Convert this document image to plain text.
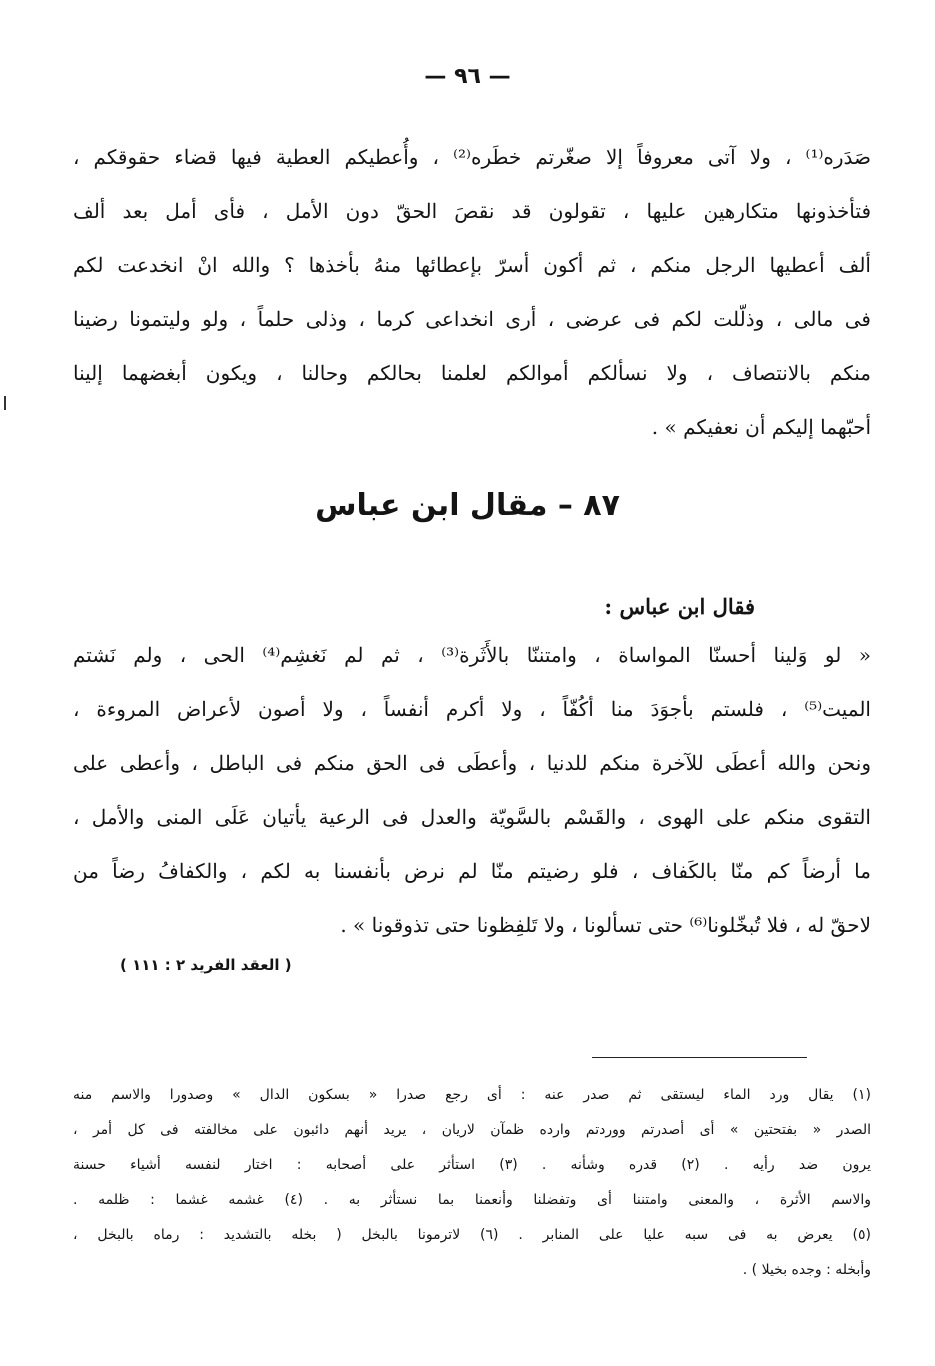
— ٩٦ —
صَدَره⁽¹⁾ ، ولا آتى معروفاً إلا صغّرتم خطَره⁽²⁾ ، وأُعطيكم العطية فيها قضاء حقوقكم ،
فتأخذونها متكارهين عليها ، تقولون قد نقصَ الحقّ دون الأمل ، فأى أمل بعد ألف
ألف أعطيها الرجل منكم ، ثم أكون أسرّ بإعطائها منهُ بأخذها ؟ والله انْ انخدعت لكم
فى مالى ، وذلّلت لكم فى عرضى ، أرى انخداعى كرما ، وذلى حلماً ، ولو وليتمونا رضينا
منكم بالانتصاف ، ولا نسألكم أموالكم لعلمنا بحالكم وحالنا ، ويكون أبغضهما إلينا
أحبّهما إليكم أن نعفيكم » .
٨٧ – مقال ابن عباس
فقال ابن عباس :
« لو وَلينا أحسنّا المواساة ، وامتننّا بالأَثَرة⁽³⁾ ، ثم لم نَغشِم⁽⁴⁾ الحى ، ولم نَشتم
الميت⁽⁵⁾ ، فلستم بأجوَدَ منا أكُفّاً ، ولا أكرم أنفساً ، ولا أصون لأعراض المروءة ،
ونحن والله أعطَى للآخرة منكم للدنيا ، وأعطَى فى الحق منكم فى الباطل ، وأعطى على
التقوى منكم على الهوى ، والقَسْم بالسَّويّة والعدل فى الرعية يأتيان عَلَى المنى والأمل ،
ما أرضاً كم منّا بالكَفاف ، فلو رضيتم منّا لم نرض بأنفسنا به لكم ، والكفافُ رضاً من
لاحقّ له ، فلا تُبخّلونا⁽⁶⁾ حتى تسألونا ، ولا تَلفِظونا حتى تذوقونا » .
( العقد الفريد ٢ : ١١١ )
(١) يقال ورد الماء ليستقى ثم صدر عنه : أى رجع صدرا « بسكون الدال » وصدورا والاسم منه
الصدر « بفتحتين » أى أصدرتم ووردتم وارده ظمآن لاريان ، يريد أنهم دائبون على مخالفته فى كل أمر ،
يرون ضد رأيه . (٢) قدره وشأنه . (٣) استأثر على أصحابه : اختار لنفسه أشياء حسنة
والاسم الأثرة ، والمعنى وامتننا أى وتفضلنا وأنعمنا بما نستأثر به . (٤) غشمه غشما : ظلمه .
(٥) يعرض به فى سبه عليا على المنابر . (٦) لاترمونا بالبخل ( بخله بالتشديد : رماه بالبخل ،
وأبخله : وجده بخيلا ) .
